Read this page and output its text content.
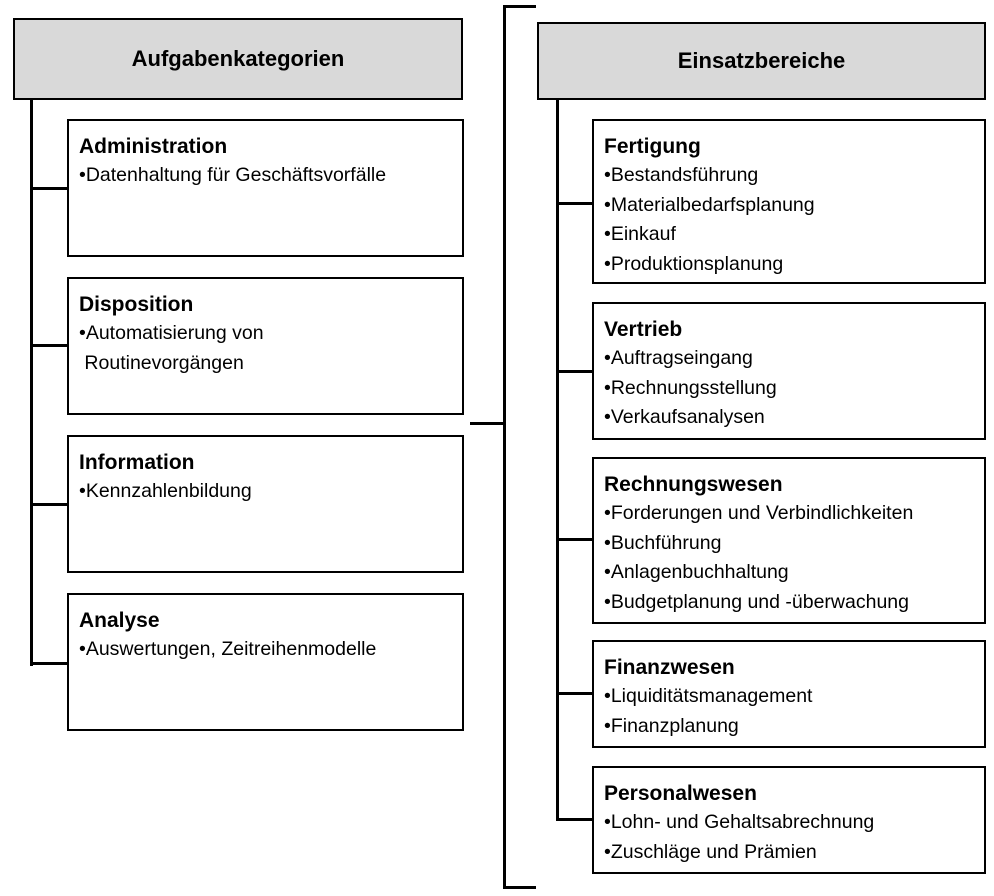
Aufgabenkategorien	Einsatzbereiche
Administration
•Datenhaltung für Geschäftsvorfälle
Disposition
•Automatisierung von
Routinevorgängen
Information
•Kennzahlenbildung
Analyse
•Auswertungen, Zeitreihenmodelle
Fertigung
•Bestandsführung
•Materialbedarfsplanung
•Einkauf
•Produktionsplanung
Vertrieb
•Auftragseingang
•Rechnungsstellung
•Verkaufsanalysen
Rechnungswesen
•Forderungen und Verbindlichkeiten
•Buchführung
•Anlagenbuchhaltung
•Budgetplanung und -überwachung
Finanzwesen
•Liquiditätsmanagement
•Finanzplanung
Personalwesen
•Lohn- und Gehaltsabrechnung
•Zuschläge und Prämien
